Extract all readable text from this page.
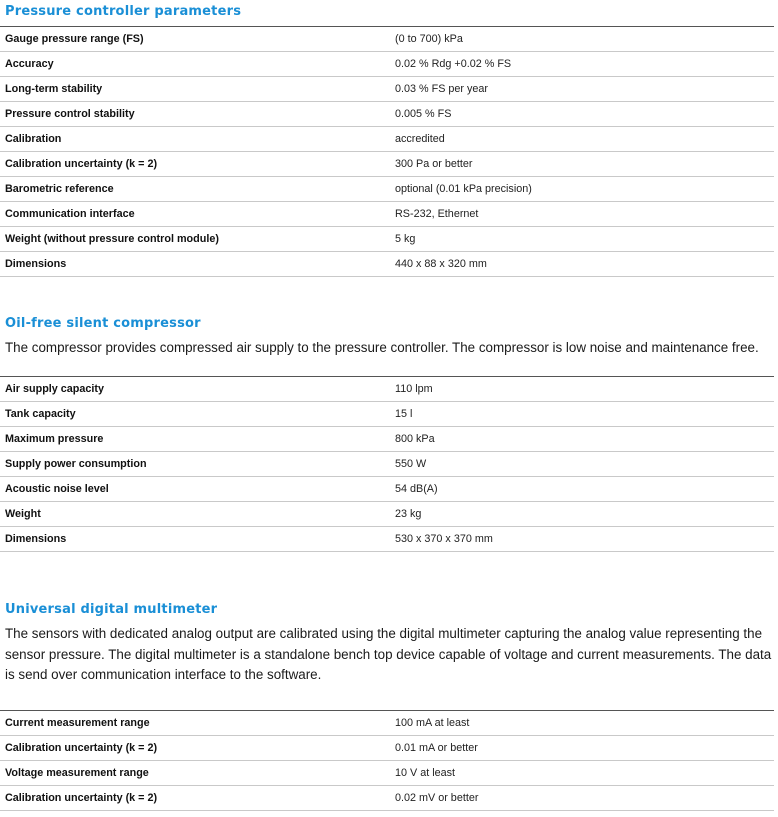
Pressure controller parameters
Gauge pressure range (FS)	(0 to 700) kPa
Accuracy	0.02 % Rdg +0.02 % FS
Long-term stability	0.03 % FS per year
Pressure control stability	0.005 % FS
Calibration	accredited
Calibration uncertainty (k = 2)	300 Pa or better
Barometric reference	optional (0.01 kPa precision)
Communication interface	RS-232, Ethernet
Weight (without pressure control module)	5 kg
Dimensions	440 x 88 x 320 mm
Oil-free silent compressor

The compressor provides compressed air supply to the pressure controller. The compressor is low noise and maintenance free.

Air supply capacity	110 lpm
Tank capacity	15 l
Maximum pressure	800 kPa
Supply power consumption	550 W
Acoustic noise level	54 dB(A)
Weight	23 kg
Dimensions	530 x 370 x 370 mm
Universal digital multimeter

The sensors with dedicated analog output are calibrated using the digital multimeter capturing the analog value representing the sensor pressure. The digital multimeter is a standalone bench top device capable of voltage and current measurements. The data is send over communication interface to the software.

Current measurement range	100 mA at least
Calibration uncertainty (k = 2)	0.01 mA or better
Voltage measurement range	10 V at least
Calibration uncertainty (k = 2)	0.02 mV or better
